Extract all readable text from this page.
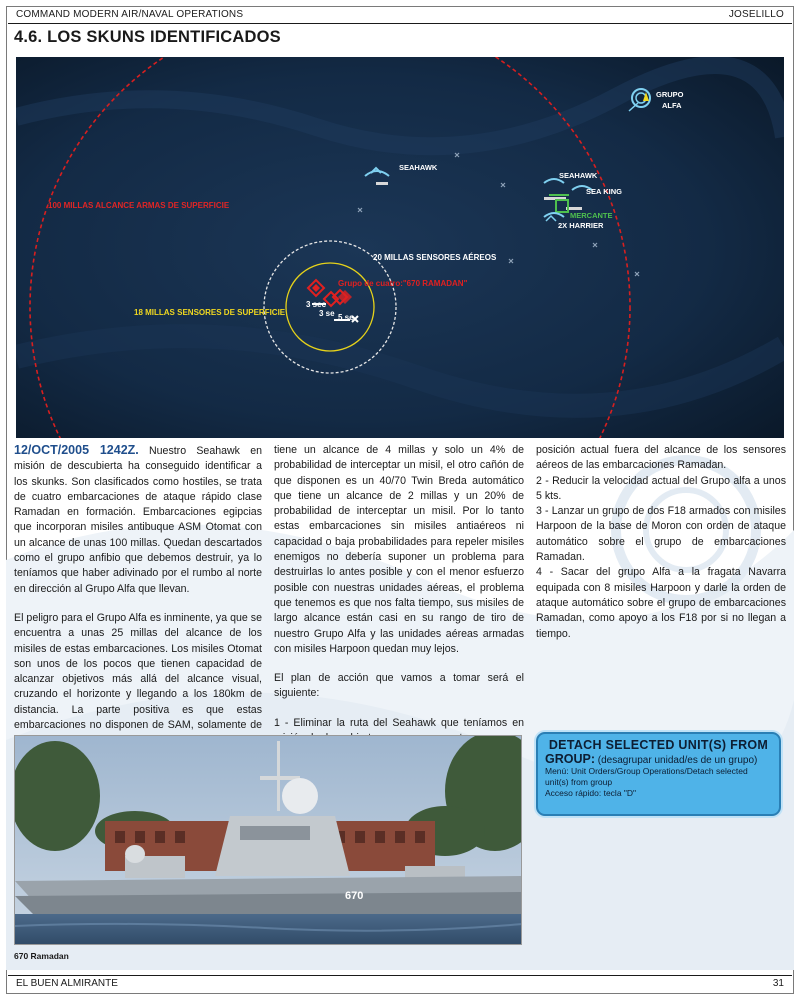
COMMAND MODERN AIR/NAVAL OPERATIONS	JOSELILLO
4.6. LOS SKUNS IDENTIFICADOS
100 MILLAS ALCANCE ARMAS DE SUPERFICIE
20 MILLAS SENSORES AÉREOS
18 MILLAS SENSORES DE SUPERFICIE
Grupo de cuatro:"670 RAMADAN"
3 sec
3 se 5 se
SEAHAWK
SEAHAWK
SEA KING
MERCANTE
2X HARRIER
GRUPO
ALFA

12/OCT/2005 1242Z. Nuestro Seahawk en misión de descubierta ha conseguido identificar a los skunks. Son clasificados como hostiles, se trata de cuatro embarcaciones de ataque rápido clase Ramadan en formación. Embarcaciones egipcias que incorporan misiles antibuque ASM Otomat con un alcance de unas 100 millas. Quedan descartados como el grupo anfibio que debemos destruir, ya lo teníamos que haber adivinado por el rumbo al norte en dirección al Grupo Alfa que llevan.

El peligro para el Grupo Alfa es inminente, ya que se encuentra a unas 25 millas del alcance de los misiles de estas embarcaciones. Los misiles Otomat son unos de los pocos que tienen capacidad de alcanzar objetivos más allá del alcance visual, cruzando el horizonte y llegando a los 180km de distancia. La parte positiva es que estas embarcaciones no disponen de SAM, solamente de

tiene un alcance de 4 millas y solo un 4% de probabilidad de interceptar un misil, el otro cañón de que disponen es un 40/70 Twin Breda automático que tiene un alcance de 2 millas y un 20% de probabilidad de interceptar un misil. Por lo tanto estas embarcaciones sin misiles antiaéreos ni capacidad o baja probabilidades para repeler misiles enemigos no debería suponer un problema para destruirlas lo antes posible y con el menor esfuerzo posible con nuestras unidades aéreas, el problema que tenemos es que nos falta tiempo, sus misiles de largo alcance están casi en su rango de tiro de nuestro Grupo Alfa y las unidades aéreas armadas con misiles Harpoon quedan muy lejos.

El plan de acción que vamos a tomar será el siguiente:

1 - Eliminar la ruta del Seahawk que teníamos en

posición actual fuera del alcance de los sensores aéreos de las embarcaciones Ramadan.

2 - Reducir la velocidad actual del Grupo alfa a unos 5 kts.

3 - Lanzar un grupo de dos F18 armados con misiles Harpoon de la base de Moron con orden de ataque automático sobre el grupo de embarcaciones Ramadan.

4 - Sacar del grupo Alfa a la fragata Navarra equipada con 8 misiles Harpoon y darle la orden de ataque automático sobre el grupo de embarcaciones Ramadan, como apoyo a los F18 por si no llegan a tiempo.

670
670 Ramadan
DETACH SELECTED UNIT(S) FROM
GROUP: (desagrupar unidad/es de un grupo)
Menú: Unit Orders/Group Operations/Detach selected unit(s) from group
Acceso rápido: tecla "D"
EL BUEN ALMIRANTE	31
